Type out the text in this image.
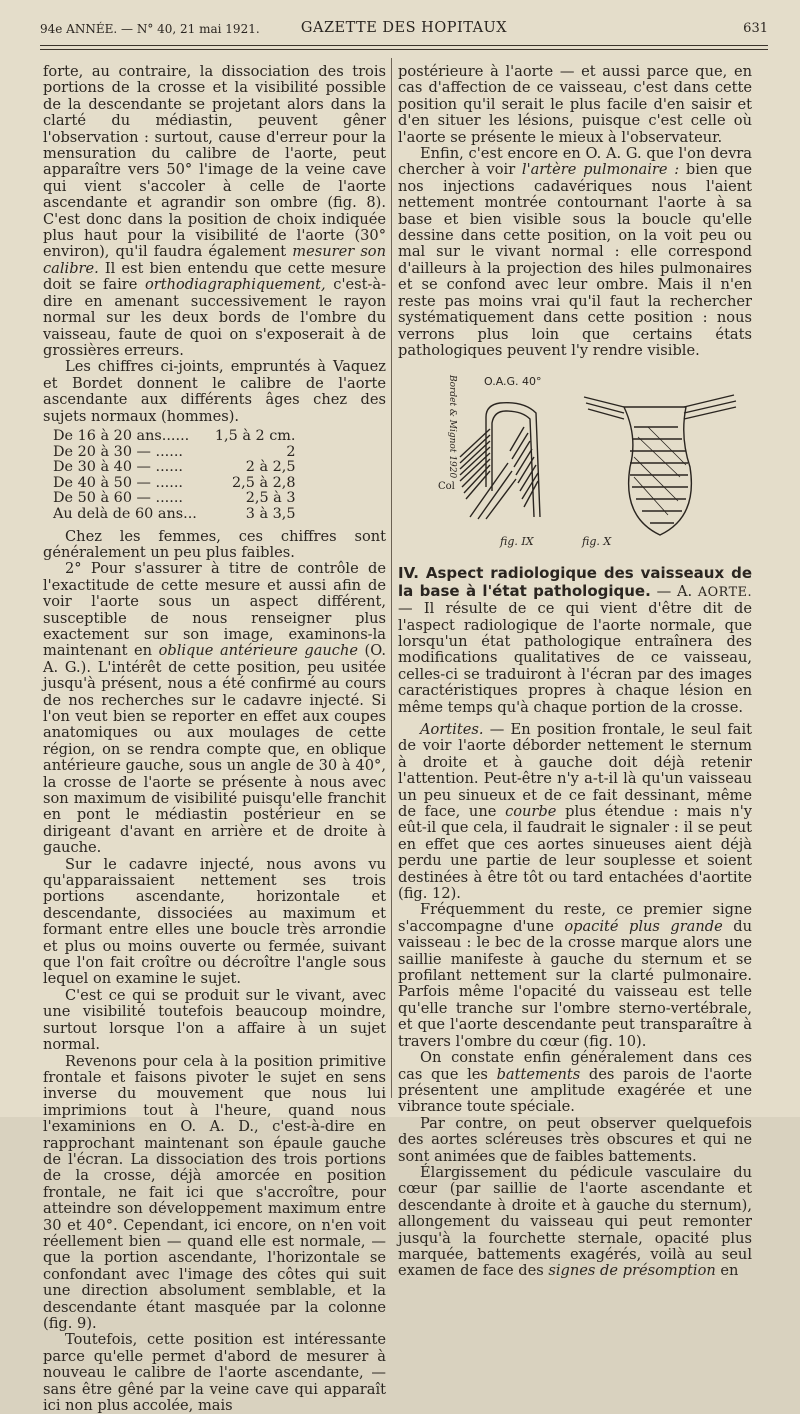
94e ANNÉE. — N° 40, 21 mai 1921.	GAZETTE DES HOPITAUX	631

forte, au contraire, la dissociation des trois portions de la crosse et la visibilité possible de la descendante se projetant alors dans la clarté du médiastin, peuvent gêner l'observation : surtout, cause d'erreur pour la mensuration du calibre de l'aorte, peut apparaître vers 50° l'image de la veine cave qui vient s'accoler à celle de l'aorte ascendante et agrandir son ombre (fig. 8). C'est donc dans la position de choix indiquée plus haut pour la visibilité de l'aorte (30° environ), qu'il faudra également mesurer son calibre. Il est bien entendu que cette mesure doit se faire orthodiagraphiquement, c'est-à-dire en amenant successivement le rayon normal sur les deux bords de l'ombre du vaisseau, faute de quoi on s'exposerait à de grossières erreurs.

Les chiffres ci-joints, empruntés à Vaquez et Bordet donnent le calibre de l'aorte ascendante aux différents âges chez des sujets normaux (hommes).

De 16 à 20 ans......	1,5 à 2 cm.
De 20 à 30 — ......	2
De 30 à 40 — ......	2 à 2,5
De 40 à 50 — ......	2,5 à 2,8
De 50 à 60 — ......	2,5 à 3
Au delà de 60 ans...	3 à 3,5

Chez les femmes, ces chiffres sont généralement un peu plus faibles.

2° Pour s'assurer à titre de contrôle de l'exactitude de cette mesure et aussi afin de voir l'aorte sous un aspect différent, susceptible de nous renseigner plus exactement sur son image, examinons-la maintenant en oblique antérieure gauche (O. A. G.). L'intérêt de cette position, peu usitée jusqu'à présent, nous a été confirmé au cours de nos recherches sur le cadavre injecté. Si l'on veut bien se reporter en effet aux coupes anatomiques ou aux moulages de cette région, on se rendra compte que, en oblique antérieure gauche, sous un angle de 30 à 40°, la crosse de l'aorte se présente à nous avec son maximum de visibilité puisqu'elle franchit en pont le médiastin postérieur en se dirigeant d'avant en arrière et de droite à gauche.

Sur le cadavre injecté, nous avons vu qu'apparaissaient nettement ses trois portions ascendante, horizontale et descendante, dissociées au maximum et formant entre elles une boucle très arrondie et plus ou moins ouverte ou fermée, suivant que l'on fait croître ou décroître l'angle sous lequel on examine le sujet.

C'est ce qui se produit sur le vivant, avec une visibilité toutefois beaucoup moindre, surtout lorsque l'on a affaire à un sujet normal.

Revenons pour cela à la position primitive frontale et faisons pivoter le sujet en sens inverse du mouvement que nous lui imprimions tout à l'heure, quand nous l'examinions en O. A. D., c'est-à-dire en rapprochant maintenant son épaule gauche de l'écran. La dissociation des trois portions de la crosse, déjà amorcée en position frontale, ne fait ici que s'accroître, pour atteindre son développement maximum entre 30 et 40°. Cependant, ici encore, on n'en voit réellement bien — quand elle est normale, — que la portion ascendante, l'horizontale se confondant avec l'image des côtes qui suit une direction absolument semblable, et la descendante étant masquée par la colonne (fig. 9).

Toutefois, cette position est intéressante parce qu'elle permet d'abord de mesurer à nouveau le calibre de l'aorte ascendante, — sans être gêné par la veine cave qui apparaît ici non plus accolée, mais

postérieure à l'aorte — et aussi parce que, en cas d'affection de ce vaisseau, c'est dans cette position qu'il serait le plus facile d'en saisir et d'en situer les lésions, puisque c'est celle où l'aorte se présente le mieux à l'observateur.

Enfin, c'est encore en O. A. G. que l'on devra chercher à voir l'artère pulmonaire : bien que nos injections cadavériques nous l'aient nettement montrée contournant l'aorte à sa base et bien visible sous la boucle qu'elle dessine dans cette position, on la voit peu ou mal sur le vivant normal : elle correspond d'ailleurs à la projection des hiles pulmonaires et se confond avec leur ombre. Mais il n'en reste pas moins vrai qu'il faut la rechercher systématiquement dans cette position : nous verrons plus loin que certains états pathologiques peuvent l'y rendre visible.

O.A.G. 40°
Bordet & Mignot 1920
Col
fig. IX	fig. X

IV. Aspect radiologique des vaisseaux de la base à l'état pathologique. — A. AORTE. — Il résulte de ce qui vient d'être dit de l'aspect radiologique de l'aorte normale, que lorsqu'un état pathologique entraînera des modifications qualitatives de ce vaisseau, celles-ci se traduiront à l'écran par des images caractéristiques propres à chaque lésion en même temps qu'à chaque portion de la crosse.

Aortites. — En position frontale, le seul fait de voir l'aorte déborder nettement le sternum à droite et à gauche doit déjà retenir l'attention. Peut-être n'y a-t-il là qu'un vaisseau un peu sinueux et de ce fait dessinant, même de face, une courbe plus étendue : mais n'y eût-il que cela, il faudrait le signaler : il se peut en effet que ces aortes sinueuses aient déjà perdu une partie de leur souplesse et soient destinées à être tôt ou tard entachées d'aortite (fig. 12).

Fréquemment du reste, ce premier signe s'accompagne d'une opacité plus grande du vaisseau : le bec de la crosse marque alors une saillie manifeste à gauche du sternum et se profilant nettement sur la clarté pulmonaire. Parfois même l'opacité du vaisseau est telle qu'elle tranche sur l'ombre sterno-vertébrale, et que l'aorte descendante peut transparaître à travers l'ombre du cœur (fig. 10).

On constate enfin généralement dans ces cas que les battements des parois de l'aorte présentent une amplitude exagérée et une vibrance toute spéciale.

Par contre, on peut observer quelquefois des aortes scléreuses très obscures et qui ne sont animées que de faibles battements.

Élargissement du pédicule vasculaire du cœur (par saillie de l'aorte ascendante et descendante à droite et à gauche du sternum), allongement du vaisseau qui peut remonter jusqu'à la fourchette sternale, opacité plus marquée, battements exagérés, voilà au seul examen de face des signes de présomption en
